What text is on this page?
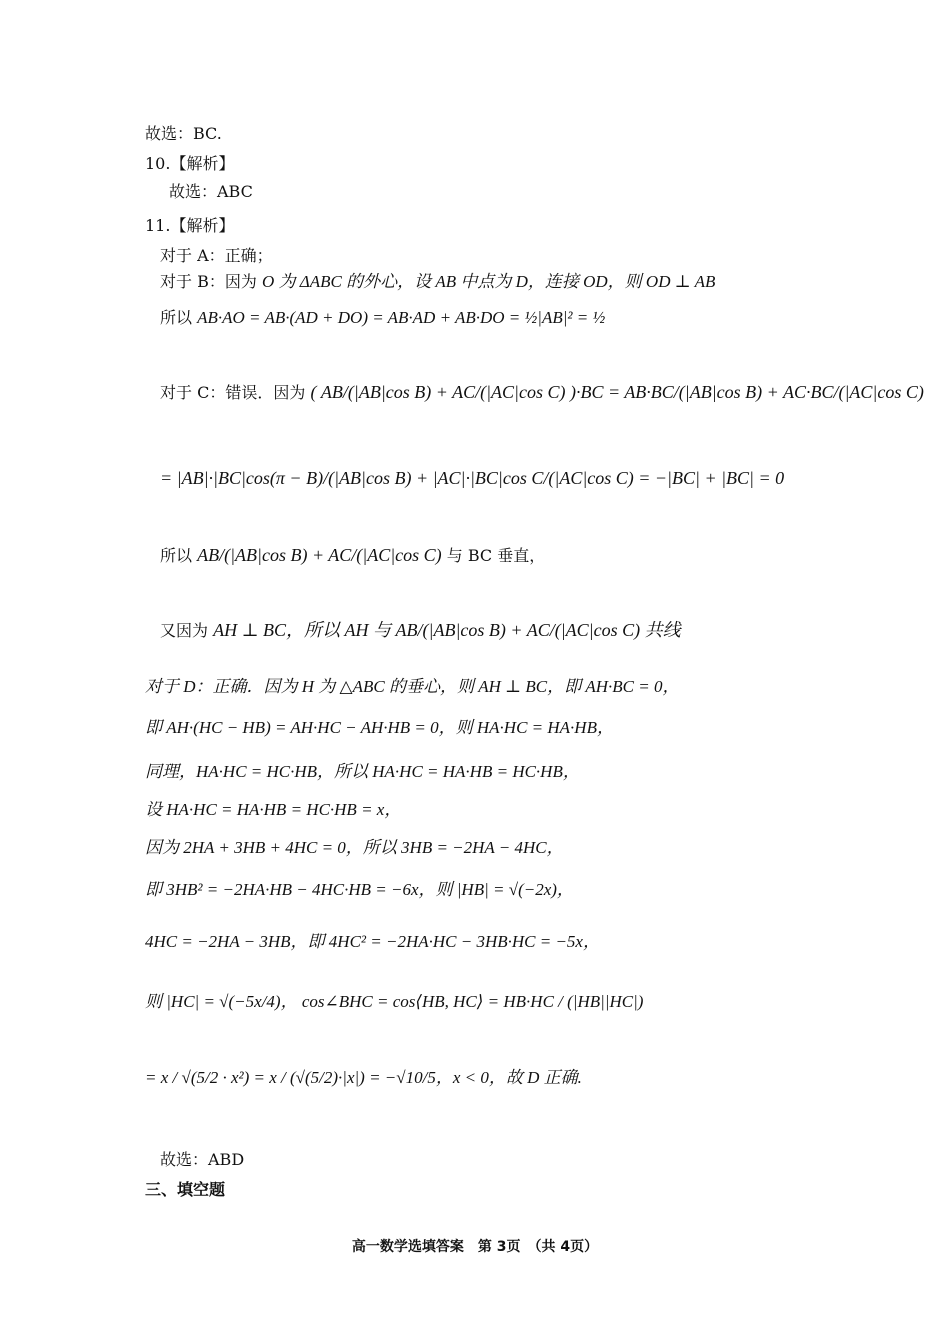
故选：BC.
10.【解析】
故选：ABC
11.【解析】
对于 A：正确；
对于 B：因为 O 为 ΔABC 的外心，设 AB 中点为 D，连接 OD，则 OD ⊥ AB
所以 AB·AO = AB·(AD + DO) = AB·AD + AB·DO = ½|AB|² = ½
对于 C：错误．因为 ( AB/(|AB|cos B) + AC/(|AC|cos C) )·BC = AB·BC/(|AB|cos B) + AC·BC/(|AC|cos C)
= |AB|·|BC|cos(π − B)/(|AB|cos B) + |AC|·|BC|cos C/(|AC|cos C) = −|BC| + |BC| = 0
所以 AB/(|AB|cos B) + AC/(|AC|cos C) 与 BC 垂直，
又因为 AH ⊥ BC，所以 AH 与 AB/(|AB|cos B) + AC/(|AC|cos C) 共线
对于 D：正确．因为 H 为 △ABC 的垂心，则 AH ⊥ BC，即 AH·BC = 0，
即 AH·(HC − HB) = AH·HC − AH·HB = 0，则 HA·HC = HA·HB，
同理，HA·HC = HC·HB，所以 HA·HC = HA·HB = HC·HB，
设 HA·HC = HA·HB = HC·HB = x，
因为 2HA + 3HB + 4HC = 0，所以 3HB = −2HA − 4HC，
即 3HB² = −2HA·HB − 4HC·HB = −6x，则 |HB| = √(−2x)，
4HC = −2HA − 3HB，即 4HC² = −2HA·HC − 3HB·HC = −5x，
则 |HC| = √(−5x/4)， cos∠BHC = cos⟨HB, HC⟩ = HB·HC / (|HB||HC|)
= x / √(5/2 · x²) = x / (√(5/2)·|x|) = −√10/5，x < 0，故 D 正确.
故选：ABD
三、填空题
高一数学选填答案　第 3页　（共 4页）
